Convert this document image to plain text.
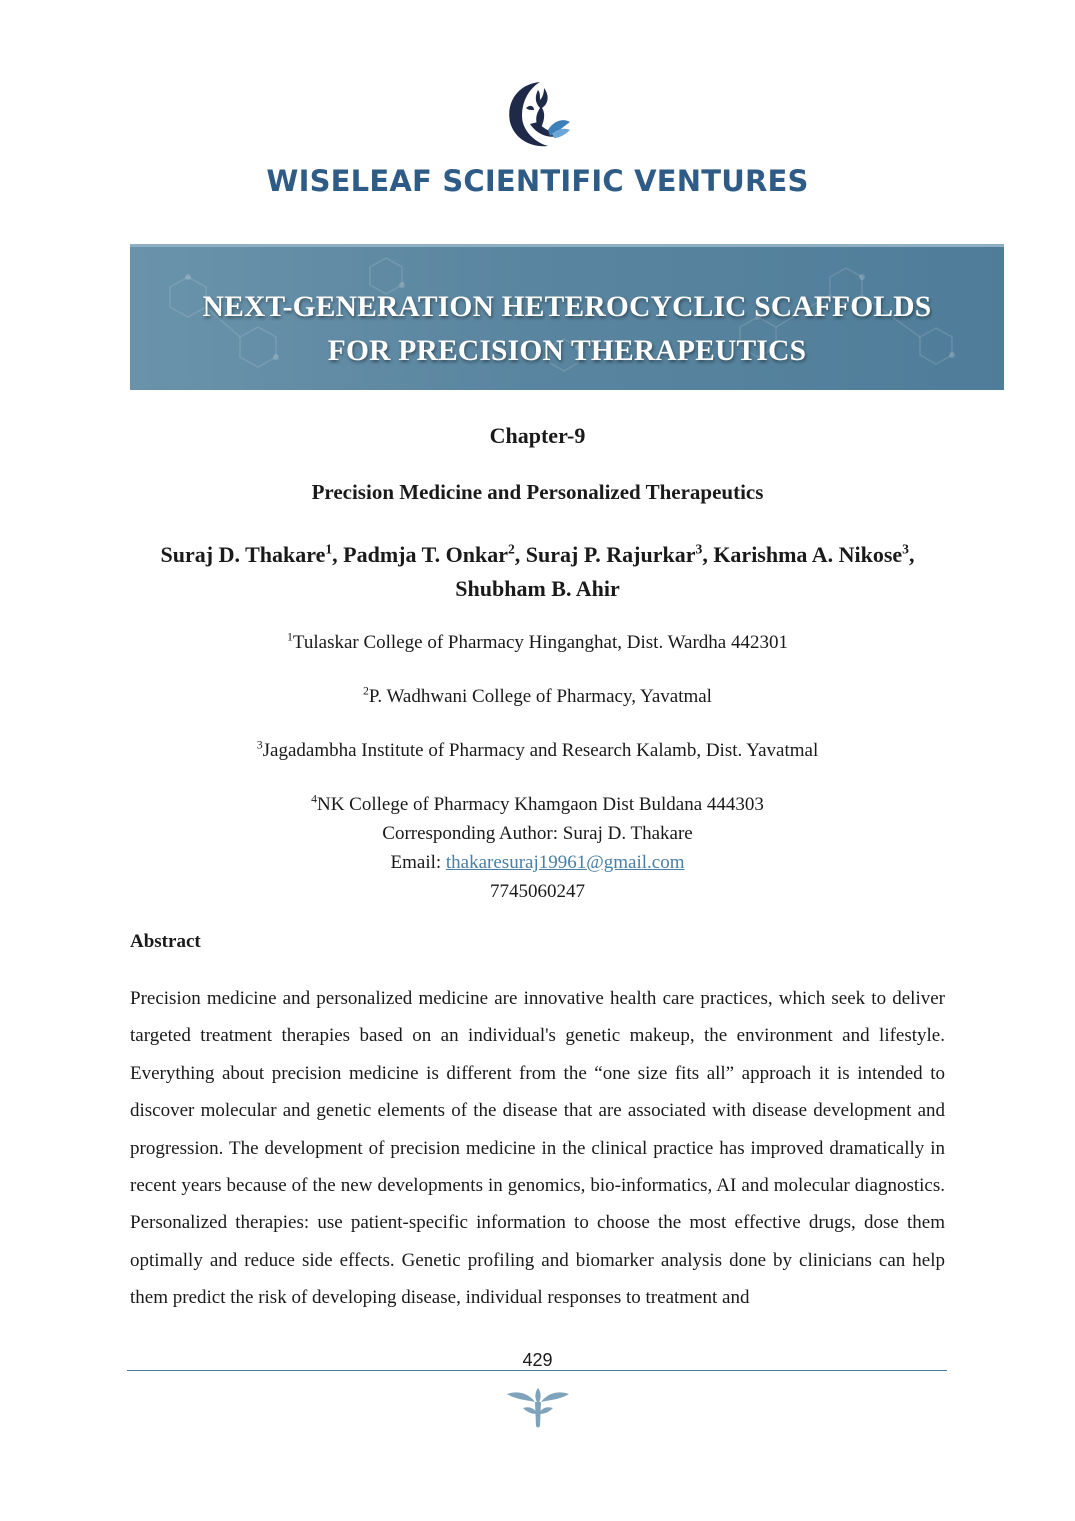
WISELEAF SCIENTIFIC VENTURES
NEXT-GENERATION HETEROCYCLIC SCAFFOLDS
FOR PRECISION THERAPEUTICS
Chapter-9
Precision Medicine and Personalized Therapeutics
Suraj D. Thakare$^1$, Padmja T. Onkar$^2$, Suraj P. Rajurkar$^3$, Karishma A. Nikose$^3$, Shubham B. Ahir
$^1$Tulaskar College of Pharmacy Hinganghat, Dist. Wardha 442301
$^2$P. Wadhwani College of Pharmacy, Yavatmal
$^3$Jagadambha Institute of Pharmacy and Research Kalamb, Dist. Yavatmal
$^4$NK College of Pharmacy Khamgaon Dist Buldana 444303
Corresponding Author: Suraj D. Thakare
Email: thakaresuraj19961@gmail.com
7745060247
Abstract

Precision medicine and personalized medicine are innovative health care practices, which seek to deliver targeted treatment therapies based on an individual's genetic makeup, the environment and lifestyle. Everything about precision medicine is different from the “one size fits all” approach it is intended to discover molecular and genetic elements of the disease that are associated with disease development and progression. The development of precision medicine in the clinical practice has improved dramatically in recent years because of the new developments in genomics, bio-informatics, AI and molecular diagnostics. Personalized therapies: use patient-specific information to choose the most effective drugs, dose them optimally and reduce side effects. Genetic profiling and biomarker analysis done by clinicians can help them predict the risk of developing disease, individual responses to treatment and

429
